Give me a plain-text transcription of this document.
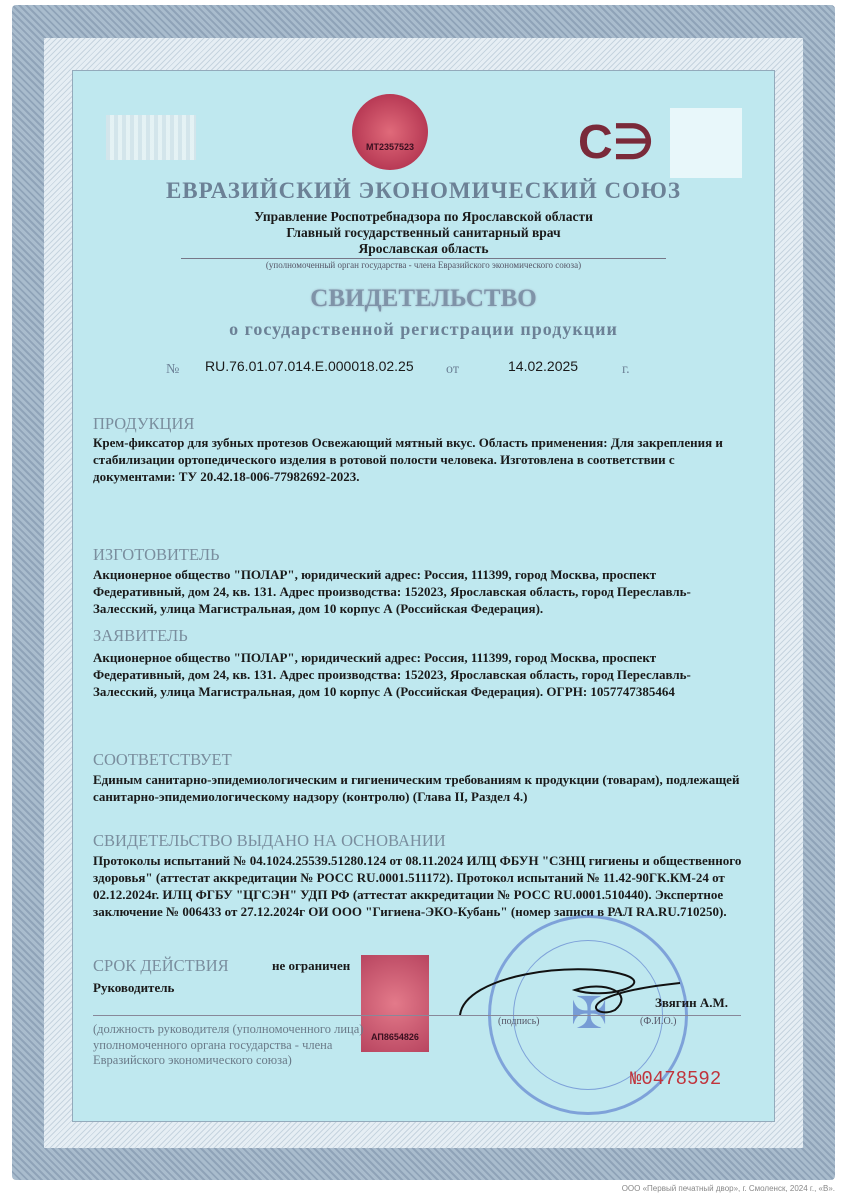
МТ2357523	С∋
ЕВРАЗИЙСКИЙ ЭКОНОМИЧЕСКИЙ СОЮЗ
Управление Роспотребнадзора по Ярославской области
Главный государственный санитарный врач
Ярославская область
(уполномоченный орган государства - члена Евразийского экономического союза)
СВИДЕТЕЛЬСТВО
о государственной регистрации продукции
№ RU.76.01.07.014.Е.000018.02.25 от	14.02.2025	г.
ПРОДУКЦИЯ
Крем-фиксатор для зубных протезов Освежающий мятный вкус. Область применения: Для закрепления и стабилизации ортопедического изделия в ротовой полости человека. Изготовлена в соответствии с документами: ТУ 20.42.18-006-77982692-2023.
ИЗГОТОВИТЕЛЬ
Акционерное общество "ПОЛАР", юридический адрес: Россия, 111399, город Москва, проспект Федеративный, дом 24, кв. 131. Адрес производства: 152023, Ярославская область, город Переславль-Залесский, улица Магистральная, дом 10 корпус А (Российская Федерация).
ЗАЯВИТЕЛЬ
Акционерное общество "ПОЛАР", юридический адрес: Россия, 111399, город Москва, проспект Федеративный, дом 24, кв. 131. Адрес производства: 152023, Ярославская область, город Переславль-Залесский, улица Магистральная, дом 10 корпус А (Российская Федерация). ОГРН: 1057747385464
СООТВЕТСТВУЕТ
Единым санитарно-эпидемиологическим и гигиеническим требованиям к продукции (товарам), подлежащей санитарно-эпидемиологическому надзору (контролю) (Глава II, Раздел 4.)
СВИДЕТЕЛЬСТВО ВЫДАНО НА ОСНОВАНИИ
Протоколы испытаний № 04.1024.25539.51280.124 от 08.11.2024 ИЛЦ ФБУН "СЗНЦ гигиены и общественного здоровья" (аттестат аккредитации № РОСС RU.0001.511172). Протокол испытаний № 11.42-90ГК.КМ-24 от 02.12.2024г. ИЛЦ ФГБУ "ЦГСЭН" УДП РФ (аттестат аккредитации № РОСС RU.0001.510440). Экспертное заключение № 006433 от 27.12.2024г ОИ ООО "Гигиена-ЭКО-Кубань" (номер записи в РАЛ RA.RU.710250).
✠
СРОК ДЕЙСТВИЯ	не ограничен
Руководитель
АП8654826
Звягин А.М.
(подпись)	(Ф.И.О.)
(должность руководителя (уполномоченного лица) уполномоченного органа государства - члена Евразийского экономического союза)
№0478592
ООО «Первый печатный двор», г. Смоленск, 2024 г., «В».
